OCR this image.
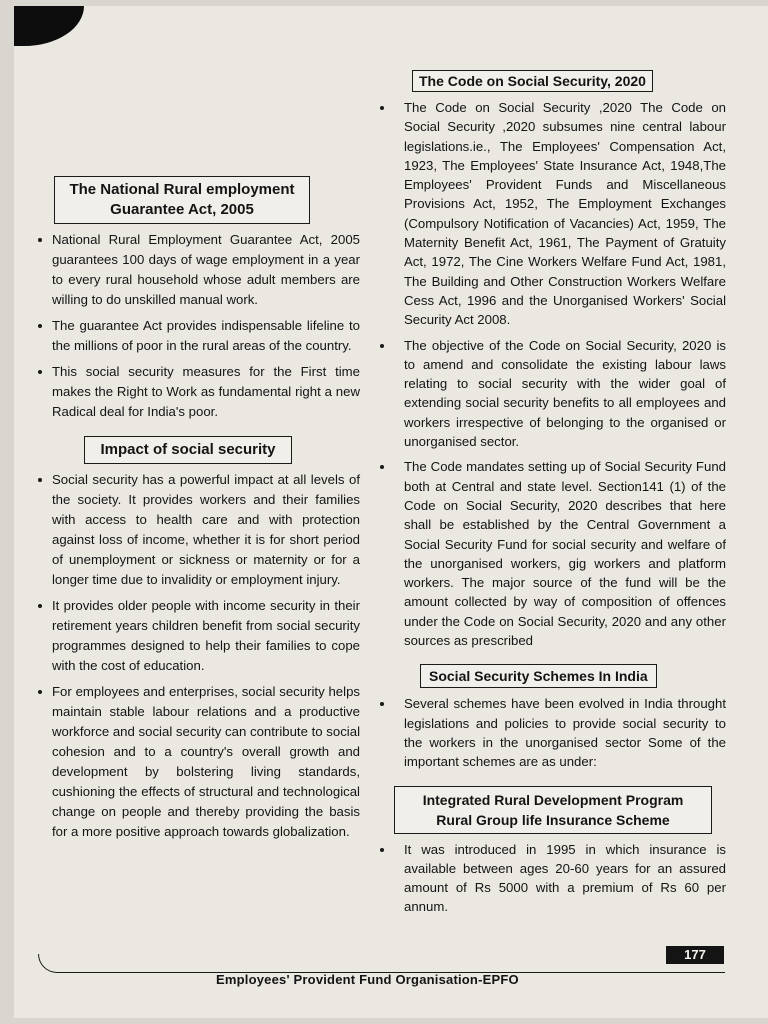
The National Rural employment
Guarantee Act, 2005
National Rural Employment Guarantee Act, 2005 guarantees 100 days of wage employment in a year to every rural household whose adult members are willing to do unskilled manual work.
The guarantee Act provides indispensable lifeline to the millions of poor in the rural areas of the country.
This social security measures for the First time makes the Right to Work as fundamental right a new Radical deal for India's poor.
Impact of social security
Social security has a powerful impact at all levels of the society. It provides workers and their families with access to health care and with protection against loss of income, whether it is for short period of unemployment or sickness or maternity or for a longer time due to invalidity or employment injury.
It provides older people with income security in their retirement years children benefit from social security programmes designed to help their families to cope with the cost of education.
For employees and enterprises, social security helps maintain stable labour relations and a productive workforce and social security can contribute to social cohesion and to a country's overall growth and development by bolstering living standards, cushioning the effects of structural and technological change on people and thereby providing the basis for a more positive approach towards globalization.
The Code on Social Security, 2020
The Code on Social Security ,2020 The Code on Social Security ,2020 subsumes nine central labour legislations.ie., The Employees' Compensation Act, 1923, The Employees' State Insurance Act, 1948,The Employees' Provident Funds and Miscellaneous Provisions Act, 1952, The Employment Exchanges (Compulsory Notification of Vacancies) Act, 1959, The Maternity Benefit Act, 1961, The Payment of Gratuity Act, 1972, The Cine Workers Welfare Fund Act, 1981, The Building and Other Construction Workers Welfare Cess Act, 1996 and the Unorganised Workers' Social Security Act 2008.
The objective of the Code on Social Security, 2020 is to amend and consolidate the existing labour laws relating to social security with the wider goal of extending social security benefits to all employees and workers irrespective of belonging to the organised or unorganised sector.
The Code mandates setting up of Social Security Fund both at Central and state level. Section141 (1) of the Code on Social Security, 2020 describes that here shall be established by the Central Government a Social Security Fund for social security and welfare of the unorganised workers, gig workers and platform workers. The major source of the fund will be the amount collected by way of composition of offences under the Code on Social Security, 2020 and any other sources as prescribed
Social Security Schemes In India
Several schemes have been evolved in India throught legislations and policies to provide social security to the workers in the unorganised sector Some of the important schemes are as under:
Integrated Rural Development Program
Rural Group life Insurance Scheme
It was introduced in 1995 in which insurance is available between ages 20-60 years for an assured amount of Rs 5000 with a premium of Rs 60 per annum.
177
Employees' Provident Fund Organisation-EPFO
